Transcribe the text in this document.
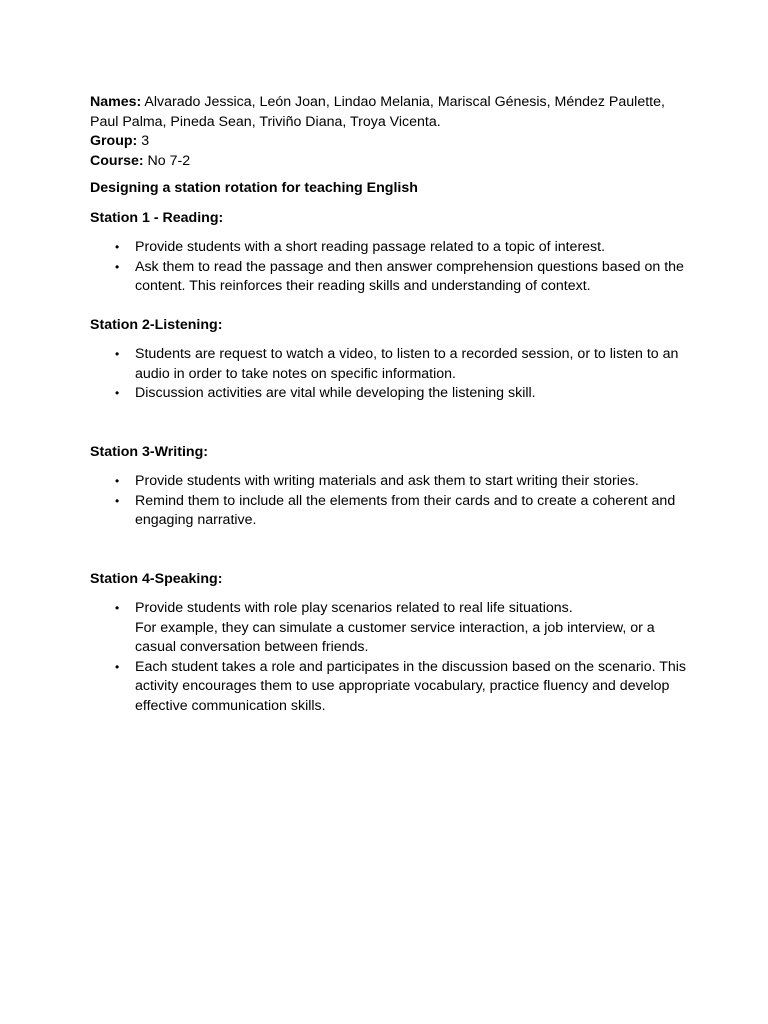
Names: Alvarado Jessica, León Joan, Lindao Melania, Mariscal Génesis, Méndez Paulette, Paul Palma, Pineda Sean, Triviño Diana, Troya Vicenta.

Group: 3

Course: No 7-2

Designing a station rotation for teaching English

Station 1 - Reading:

• Provide students with a short reading passage related to a topic of interest.
• Ask them to read the passage and then answer comprehension questions based on the content. This reinforces their reading skills and understanding of context.

Station 2-Listening:

• Students are request to watch a video, to listen to a recorded session, or to listen to an audio in order to take notes on specific information.
• Discussion activities are vital while developing the listening skill.

Station 3-Writing:

• Provide students with writing materials and ask them to start writing their stories.
• Remind them to include all the elements from their cards and to create a coherent and engaging narrative.

Station 4-Speaking:

• Provide students with role play scenarios related to real life situations.
For example, they can simulate a customer service interaction, a job interview, or a casual conversation between friends.
• Each student takes a role and participates in the discussion based on the scenario. This activity encourages them to use appropriate vocabulary, practice fluency and develop effective communication skills.
